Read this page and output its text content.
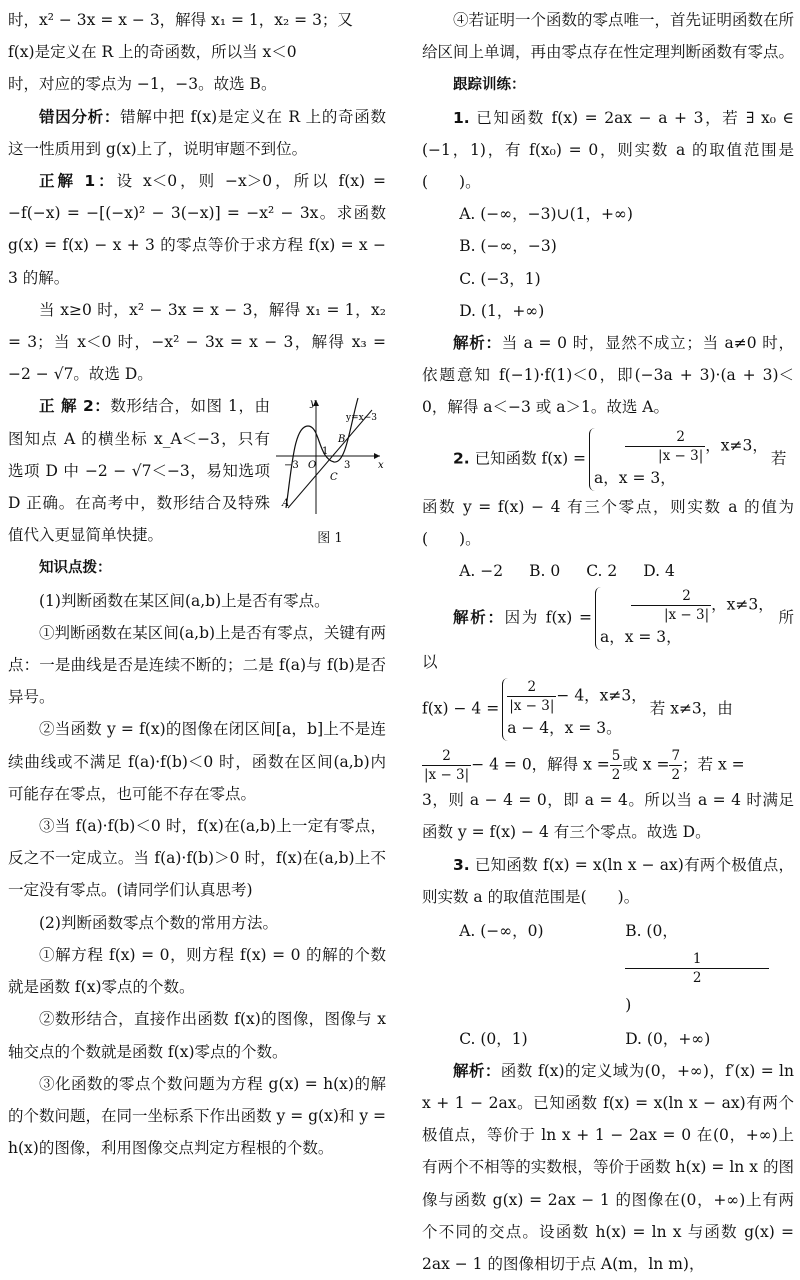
时，x² − 3x = x − 3，解得 x₁ = 1，x₂ = 3；又

f(x)是定义在 R 上的奇函数，所以当 x＜0

时，对应的零点为 −1，−3。故选 B。

错因分析：错解中把 f(x)是定义在 R 上的奇函数这一性质用到 g(x)上了，说明审题不到位。

正解 1：设 x＜0，则 −x＞0，所以 f(x) = −f(−x) = −[(−x)² − 3(−x)] = −x² − 3x。求函数 g(x) = f(x) − x + 3 的零点等价于求方程 f(x) = x − 3 的解。

当 x≥0 时，x² − 3x = x − 3，解得 x₁ = 1，x₂ = 3；当 x＜0 时，−x² − 3x = x − 3，解得 x₃ = −2 − √7。故选 D。

y
x
y=x−3
−3 O
1
3
A
B
C
图 1

正 解 2：数形结合，如图 1，由图知点 A 的横坐标 x_A＜−3，只有选项 D 中 −2 − √7＜−3，易知选项 D 正确。在高考中，数形结合及特殊值代入更显简单快捷。

知识点拨：

(1)判断函数在某区间(a,b)上是否有零点。

①判断函数在某区间(a,b)上是否有零点，关键有两点：一是曲线是否是连续不断的；二是 f(a)与 f(b)是否异号。

②当函数 y = f(x)的图像在闭区间[a，b]上不是连续曲线或不满足 f(a)·f(b)＜0 时，函数在区间(a,b)内可能存在零点，也可能不存在零点。

③当 f(a)·f(b)＜0 时，f(x)在(a,b)上一定有零点，反之不一定成立。当 f(a)·f(b)＞0 时，f(x)在(a,b)上不一定没有零点。(请同学们认真思考)

(2)判断函数零点个数的常用方法。

①解方程 f(x) = 0，则方程 f(x) = 0 的解的个数就是函数 f(x)零点的个数。

②数形结合，直接作出函数 f(x)的图像，图像与 x 轴交点的个数就是函数 f(x)零点的个数。

③化函数的零点个数问题为方程 g(x) = h(x)的解的个数问题，在同一坐标系下作出函数 y = g(x)和 y = h(x)的图像，利用图像交点判定方程根的个数。

④若证明一个函数的零点唯一，首先证明函数在所给区间上单调，再由零点存在性定理判断函数有零点。

跟踪训练：

1. 已知函数 f(x) = 2ax − a + 3，若 ∃ x₀ ∈ (−1，1)，有 f(x₀) = 0，则实数 a 的取值范围是(　　)。

A. (−∞，−3)∪(1，+∞)

B. (−∞，−3)

C. (−3，1)

D. (1，+∞)

解析：当 a = 0 时，显然不成立；当 a≠0 时，依题意知 f(−1)·f(1)＜0，即(−3a + 3)·(a + 3)＜0，解得 a＜−3 或 a＞1。故选 A。

2. 已知函数 f(x) =	$\frac{2}{|x - 3|}$ ，x≠3，
a，x = 3，若

函数 y = f(x) − 4 有三个零点，则实数 a 的值为(　　)。

A. −2 B. 0 C. 2 D. 4

解析：因为 f(x) =	$\frac{2}{|x - 3|}$ ，x≠3，
a，x = 3，所以

$f(x) - 4 = \frac{2}{|x - 3|} - 4$，x≠3，
a − 4，x = 3。若 x≠3，由

$\frac{2}{|x - 3|} - 4 = 0$，解得 $x = \frac{5}{2}$ 或 $x = \frac{7}{2}$ ；若 x =

3，则 a − 4 = 0，即 a = 4。所以当 a = 4 时满足函数 y = f(x) − 4 有三个零点。故选 D。

3. 已知函数 f(x) = x(ln x − ax)有两个极值点，则实数 a 的取值范围是(　　)。

A. (−∞，0)	B. (0，
$\frac{1}{2}$
)

C. (0，1)	D. (0，+∞)

解析：函数 f(x)的定义域为(0，+∞)，f′(x) = ln x + 1 − 2ax。已知函数 f(x) = x(ln x − ax)有两个极值点，等价于 ln x + 1 − 2ax = 0 在(0，+∞)上有两个不相等的实数根，等价于函数 h(x) = ln x 的图像与函数 g(x) = 2ax − 1 的图像在(0，+∞)上有两个不同的交点。设函数 h(x) = ln x 与函数 g(x) = 2ax − 1 的图像相切于点 A(m，ln m)，
